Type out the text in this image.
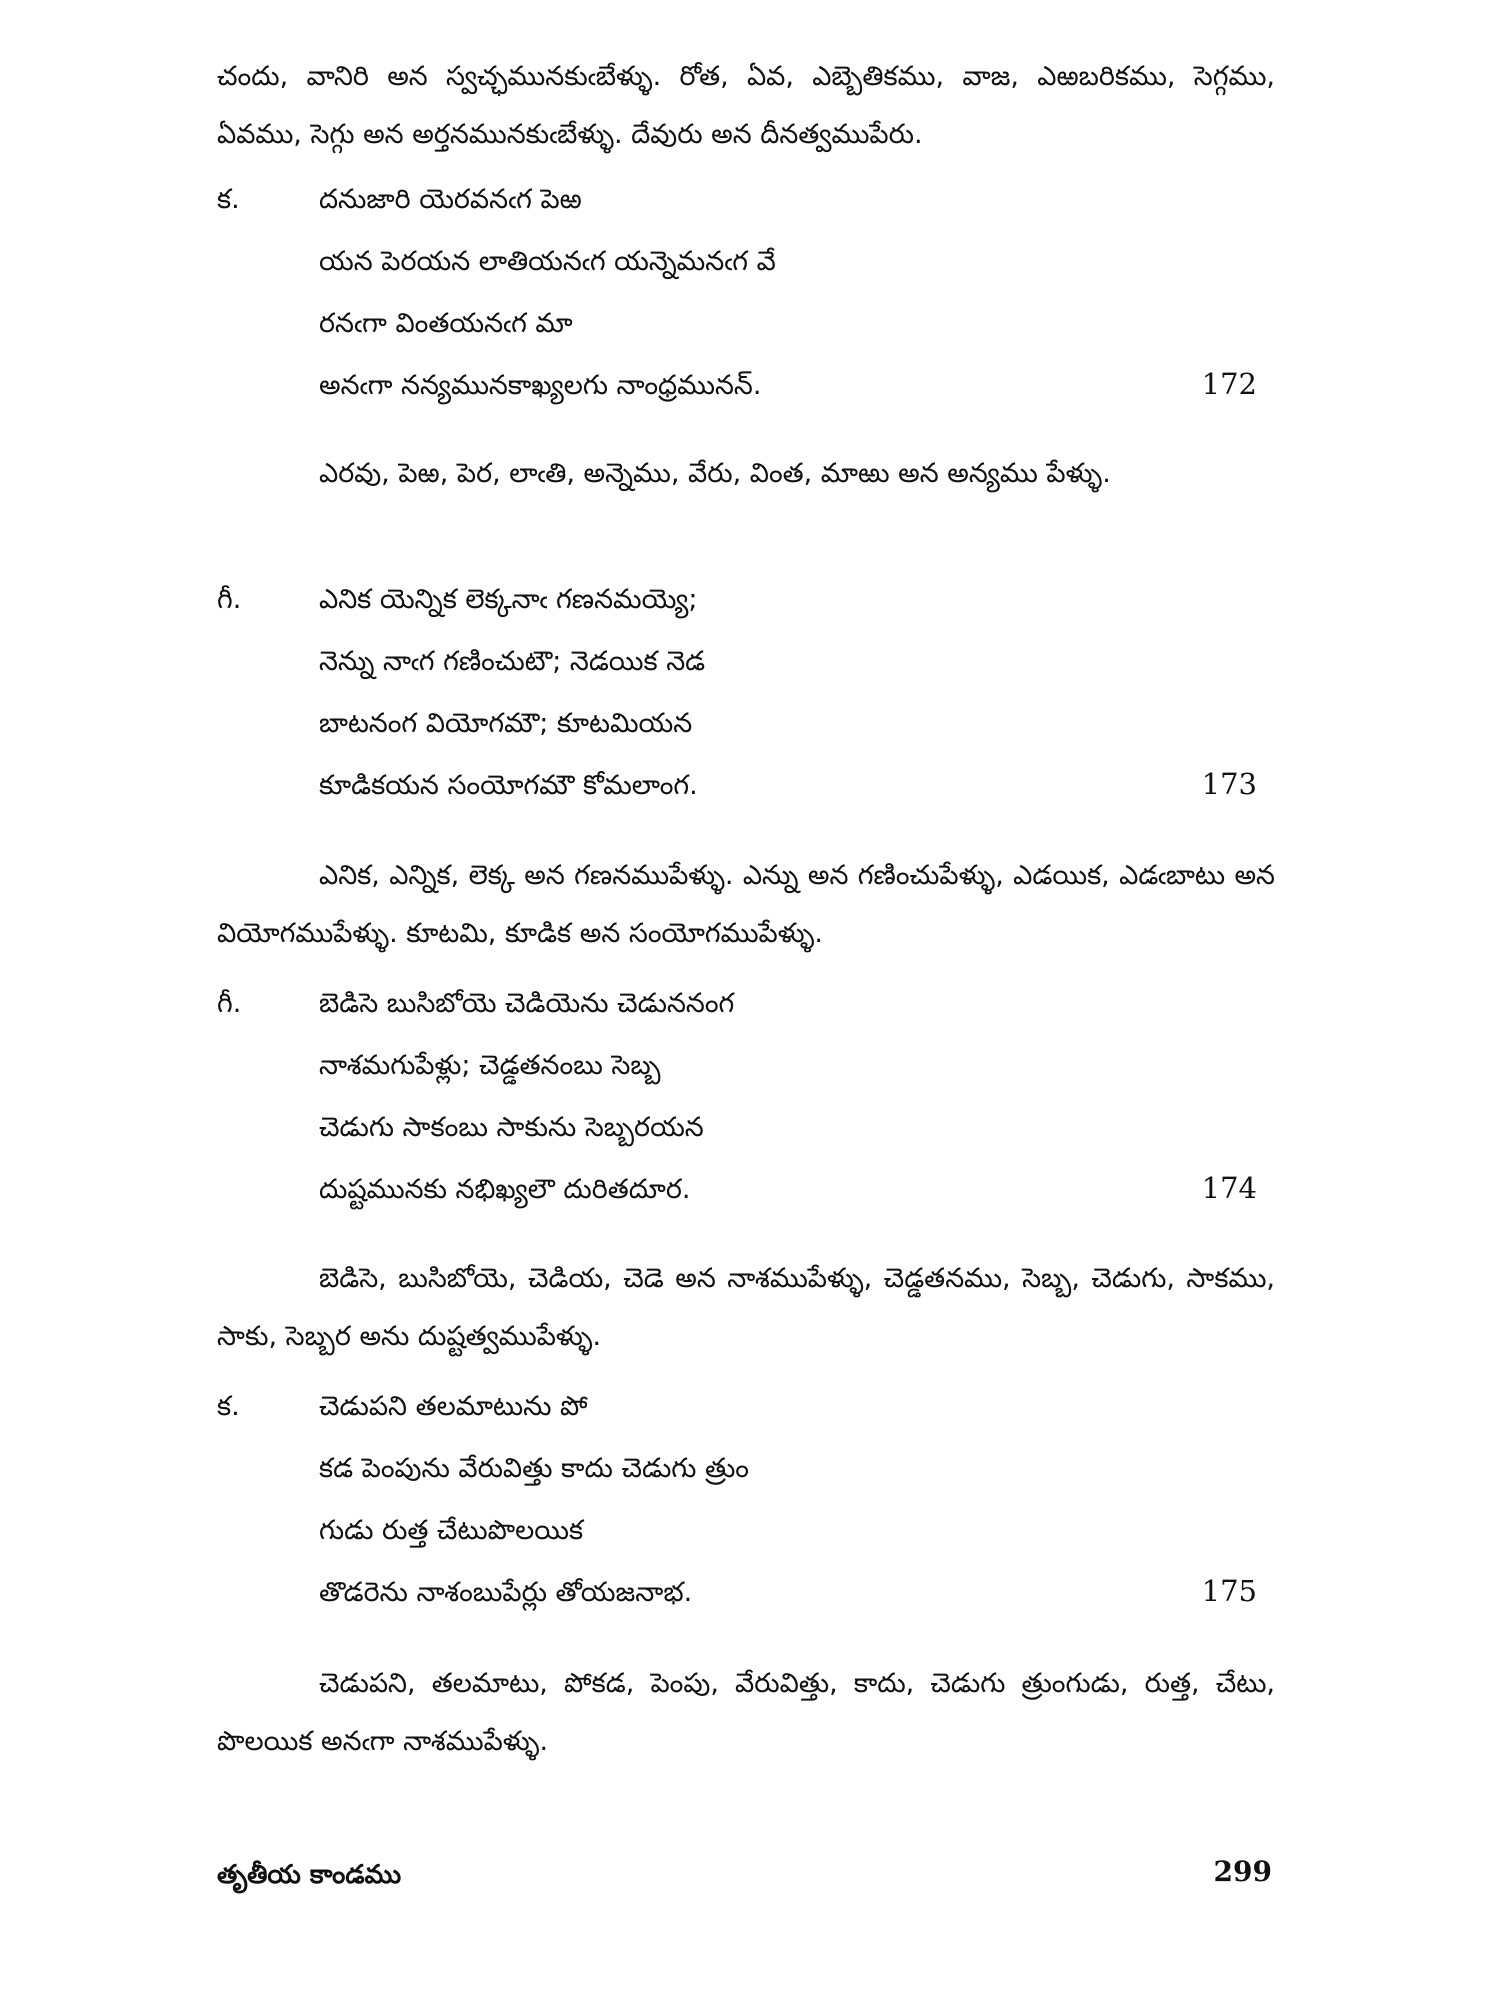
చందు, వానిరి అన స్వచ్ఛమునకుఁబేళ్ళు. రోత, ఏవ, ఎబ్బెతికము, వాజ, ఎఱబరికము, సెగ్గము, ఏవము, సెగ్గు అన అర్తనమునకుఁబేళ్ళు. దేవురు అన దీనత్వముపేరు.

క.	దనుజారి యెరవనఁగ పెఱ
యన పెరయన లాతియనఁగ యన్నెమనఁగ వే
రనఁగా వింతయనఁగ మా
అనఁగా నన్యమునకాఖ్యలగు నాంధ్రమునన్.	172

ఎరవు, పెఱ, పెర, లాఁతి, అన్నెము, వేరు, వింత, మాఱు అన అన్యము పేళ్ళు.

గీ.	ఎనిక యెన్నిక లెక్కనాఁ గణనమయ్యె;
నెన్ను నాఁగ గణించుటౌ; నెడయిక నెడ
బాటనంగ వియోగమౌ; కూటమియన
కూడికయన సంయోగమౌ కోమలాంగ.	173

ఎనిక, ఎన్నిక, లెక్క అన గణనముపేళ్ళు. ఎన్ను అన గణించుపేళ్ళు, ఎడయిక, ఎడఁబాటు అన వియోగముపేళ్ళు. కూటమి, కూడిక అన సంయోగముపేళ్ళు.

గీ.	బెడిసె బుసిబోయె చెడియెను చెడుననంగ
నాశమగుపేళ్లు; చెడ్డతనంబు సెబ్బ
చెడుగు సాకంబు సాకును సెబ్బరయన
దుష్టమునకు నభిఖ్యలౌ దురితదూర.	174

బెడిసె, బుసిబోయె, చెడియ, చెడె అన నాశముపేళ్ళు, చెడ్డతనము, సెబ్బ, చెడుగు, సాకము, సాకు, సెబ్బర అను దుష్టత్వముపేళ్ళు.

క.	చెడుపని తలమాటును పో
కడ పెంపును వేరువిత్తు కాదు చెడుగు త్రుం
గుడు రుత్త చేటుపొలయిక
తొడరెను నాశంబుపేర్లు తోయజనాభ.	175

చెడుపని, తలమాటు, పోకడ, పెంపు, వేరువిత్తు, కాదు, చెడుగు త్రుంగుడు, రుత్త, చేటు, పొలయిక అనఁగా నాశముపేళ్ళు.

తృతీయ కాండము	299
